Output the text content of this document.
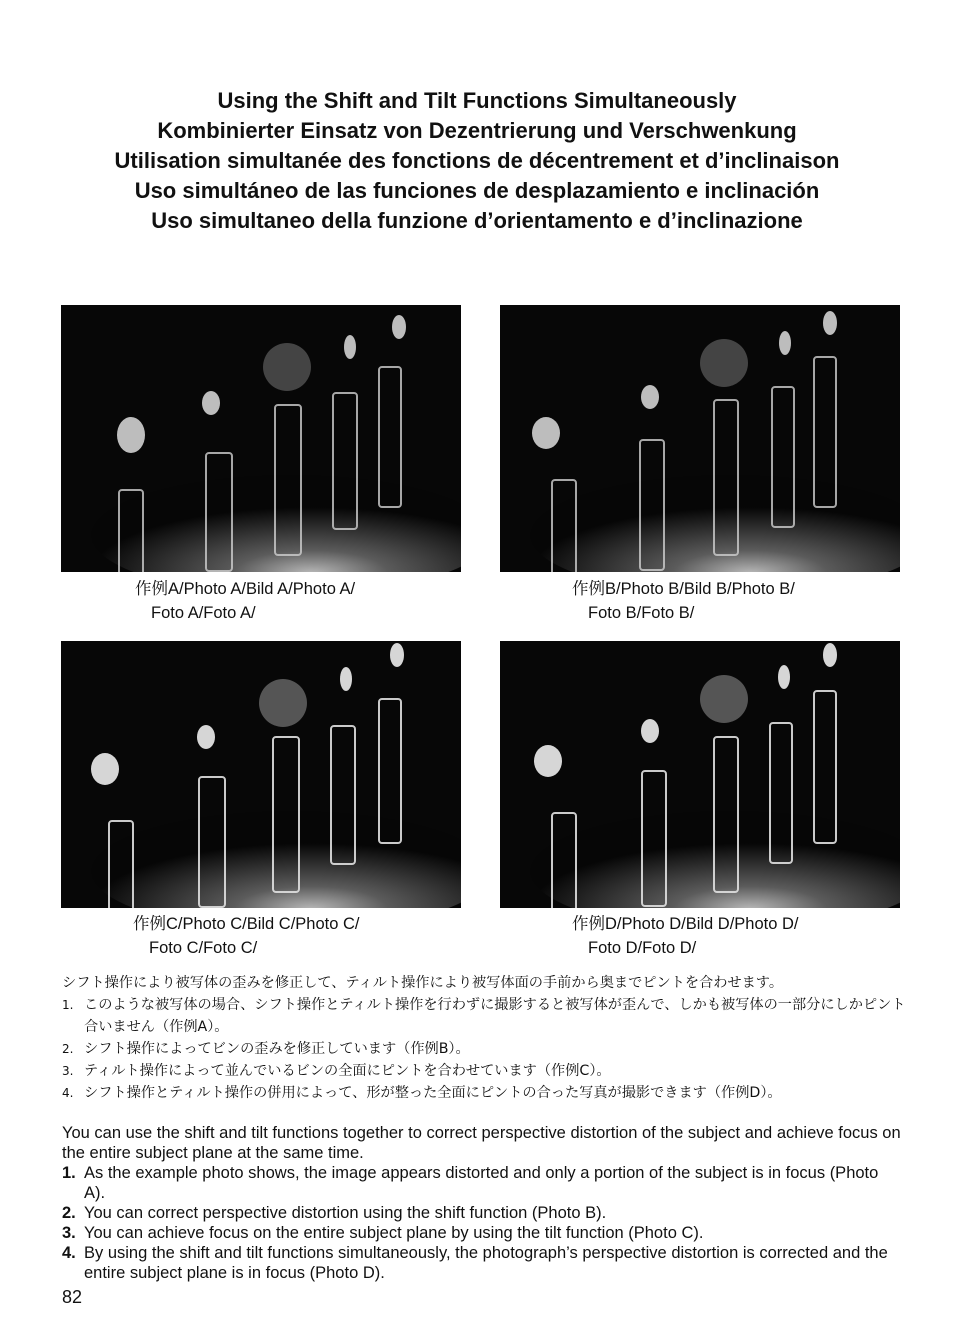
Using the Shift and Tilt Functions Simultaneously
Kombinierter Einsatz von Dezentrierung und Verschwenkung
Utilisation simultanée des fonctions de décentrement et d’inclinaison
Uso simultáneo de las funciones de desplazamiento e inclinación
Uso simultaneo della funzione d’orientamento e d’inclinazione
作例A/Photo A/Bild A/Photo A/
Foto A/Foto A/
作例B/Photo B/Bild B/Photo B/
Foto B/Foto B/
作例C/Photo C/Bild C/Photo C/
Foto C/Foto C/
作例D/Photo D/Bild D/Photo D/
Foto D/Foto D/
シフト操作により被写体の歪みを修正して、ティルト操作により被写体面の手前から奥までピントを合わせます。
1. このような被写体の場合、シフト操作とティルト操作を行わずに撮影すると被写体が歪んで、しかも被写体の一部分にしかピント合いません（作例A）。
2. シフト操作によってビンの歪みを修正しています（作例B）。
3. ティルト操作によって並んでいるビンの全面にピントを合わせています（作例C）。
4. シフト操作とティルト操作の併用によって、形が整った全面にピントの合った写真が撮影できます（作例D）。
You can use the shift and tilt functions together to correct perspective distortion of the subject and achieve focus on the entire subject plane at the same time.
1. As the example photo shows, the image appears distorted and only a portion of the subject is in focus (Photo A).
2. You can correct perspective distortion using the shift function (Photo B).
3. You can achieve focus on the entire subject plane by using the tilt function (Photo C).
4. By using the shift and tilt functions simultaneously, the photograph’s perspective distortion is corrected and the entire subject plane is in focus (Photo D).
82
